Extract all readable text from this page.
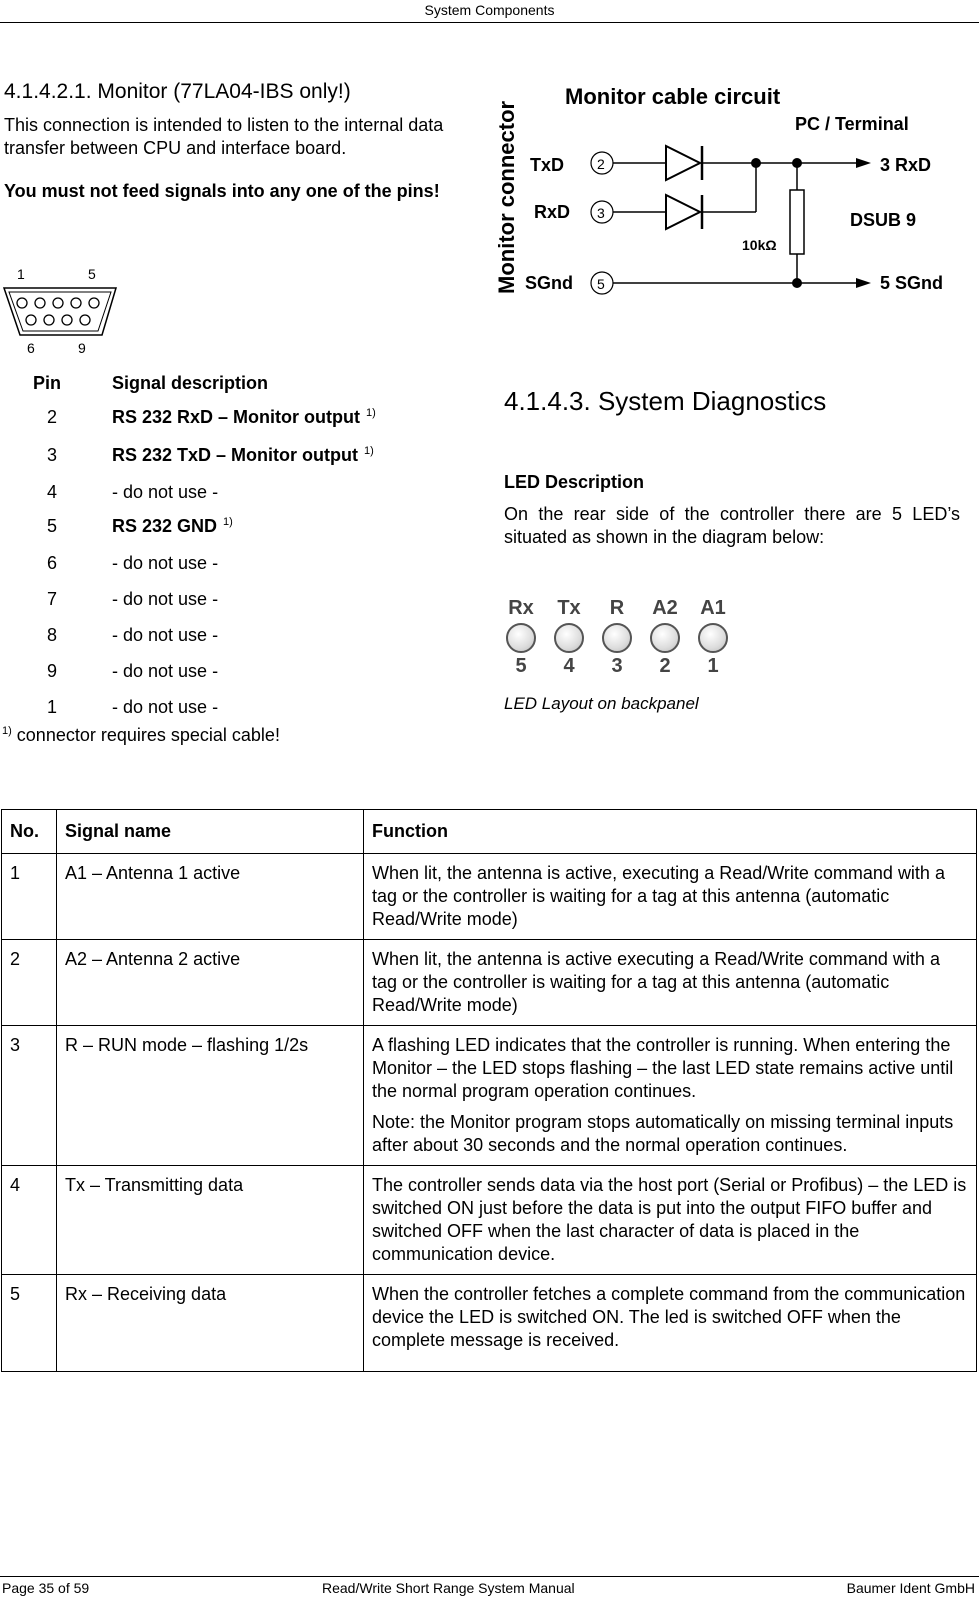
System Components
4.1.4.2.1. Monitor (77LA04-IBS only!)
This connection is intended to listen to the internal data transfer between CPU and interface board.
You must not feed signals into any one of the pins!
1	5
6	9
Pin	Signal description
2	RS 232 RxD – Monitor output $^{1)}$
3	RS 232 TxD – Monitor output $^{1)}$
4	- do not use -
5	RS 232 GND $^{1)}$
6	- do not use -
7	- do not use -
8	- do not use -
9	- do not use -
1	- do not use -
$^{1)}$ connector requires special cable!
Monitor cable circuit
PC / Terminal
Monitor connector TxD 2	3 RxD
RxD 3
10kΩ
DSUB 9
SGnd 5	5 SGnd
4.1.4.3. System Diagnostics
LED Description
On the rear side of the controller there are 5 LED’s situated as shown in the diagram below:
Rx
5
Tx
4
R
3
A2
2
A1
1
LED Layout on backpanel
No.	Signal name	Function
1	A1 – Antenna 1 active	When lit, the antenna is active, executing a Read/Write command with a tag or the controller is waiting for a tag at this antenna (automatic Read/Write mode)

2	A2 – Antenna 2 active	When lit, the antenna is active executing a Read/Write command with a tag or the controller is waiting for a tag at this antenna (automatic Read/Write mode)

3	R – RUN mode – flashing 1/2s	A flashing LED indicates that the controller is running. When entering the Monitor – the LED stops flashing – the last LED state remains active until the normal program operation continues.
Note: the Monitor program stops automatically on missing terminal inputs after about 30 seconds and the normal operation continues.

4	Tx – Transmitting data	The controller sends data via the host port (Serial or Profibus) – the LED is switched ON just before the data is put into the output FIFO buffer and switched OFF when the last character of data is placed in the communication device.

5	Rx – Receiving data	When the controller fetches a complete command from the communication device the LED is switched ON. The led is switched OFF when the complete message is received.
Page 35 of 59	Read/Write Short Range System Manual	Baumer Ident GmbH
